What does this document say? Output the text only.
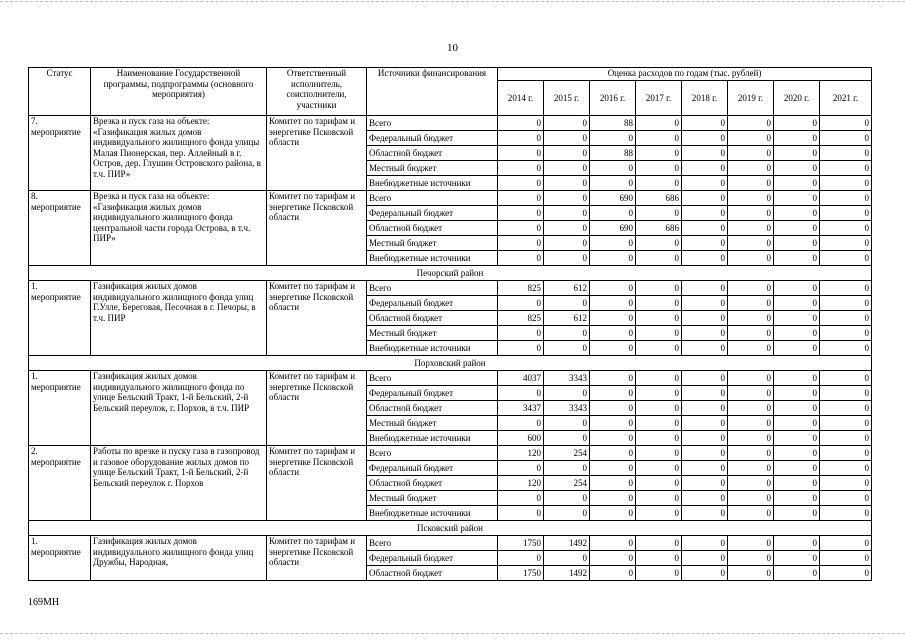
10
Статус	Наименование Государственной программы, подпрограммы (основного мероприятия)	Ответственный исполнитель, соисполнители, участники	Источники финансирования	Оценка расходов по годам (тыс. рублей)							
				2014 г.	2015 г.	2016 г.	2017 г.	2018 г.	2019 г.	2020 г.	2021 г.
7. мероприятие	Врезка и пуск газа на объекте: «Газификация жилых домов индивидуального жилищного фонда улицы Малая Пионерская, пер. Аллейный в г. Остров, дер. Глушин Островского района, в т.ч. ПИР»	Комитет по тарифам и энергетике Псковской области	Всего	0	0	88	0	0	0	0	0
			Федеральный бюджет	0	0	0	0	0	0	0	0
			Областной бюджет	0	0	88	0	0	0	0	0
			Местный бюджет	0	0	0	0	0	0	0	0
			Внебюджетные источники	0	0	0	0	0	0	0	0
8. мероприятие	Врезка и пуск газа на объекте: «Газификация жилых домов индивидуального жилищного фонда центральной части города Острова, в т.ч. ПИР»	Комитет по тарифам и энергетике Псковской области	Всего	0	0	690	686	0	0	0	0
			Федеральный бюджет	0	0	0	0	0	0	0	0
			Областной бюджет	0	0	690	686	0	0	0	0
			Местный бюджет	0	0	0	0	0	0	0	0
			Внебюджетные источники	0	0	0	0	0	0	0	0
Печорский район											
1. мероприятие	Газификация жилых домов индивидуального жилищного фонда улиц Г.Улле, Береговая, Песочная в г. Печоры, в т.ч. ПИР	Комитет по тарифам и энергетике Псковской области	Всего	825	612	0	0	0	0	0	0
			Федеральный бюджет	0	0	0	0	0	0	0	0
			Областной бюджет	825	612	0	0	0	0	0	0
			Местный бюджет	0	0	0	0	0	0	0	0
			Внебюджетные источники	0	0	0	0	0	0	0	0
Порховский район											
1. мероприятие	Газификация жилых домов индивидуального жилищного фонда по улице Бельский Тракт, 1-й Бельский, 2-й Бельский переулок, г. Порхов, в т.ч. ПИР	Комитет по тарифам и энергетике Псковской области	Всего	4037	3343	0	0	0	0	0	0
			Федеральный бюджет	0	0	0	0	0	0	0	0
			Областной бюджет	3437	3343	0	0	0	0	0	0
			Местный бюджет	0	0	0	0	0	0	0	0
			Внебюджетные источники	600	0	0	0	0	0	0	0
2. мероприятие	Работы по врезке и пуску газа в газопровод и газовое оборудование жилых домов по улице Бельский Тракт, 1-й Бельский, 2-й Бельский переулок г. Порхов	Комитет по тарифам и энергетике Псковской области	Всего	120	254	0	0	0	0	0	0
			Федеральный бюджет	0	0	0	0	0	0	0	0
			Областной бюджет	120	254	0	0	0	0	0	0
			Местный бюджет	0	0	0	0	0	0	0	0
			Внебюджетные источники	0	0	0	0	0	0	0	0
Псковский район											
1. мероприятие	Газификация жилых домов индивидуального жилищного фонда улиц Дружбы, Народная,	Комитет по тарифам и энергетике Псковской области	Всего	1750	1492	0	0	0	0	0	0
			Федеральный бюджет	0	0	0	0	0	0	0	0
			Областной бюджет	1750	1492	0	0	0	0	0	0
169МН
